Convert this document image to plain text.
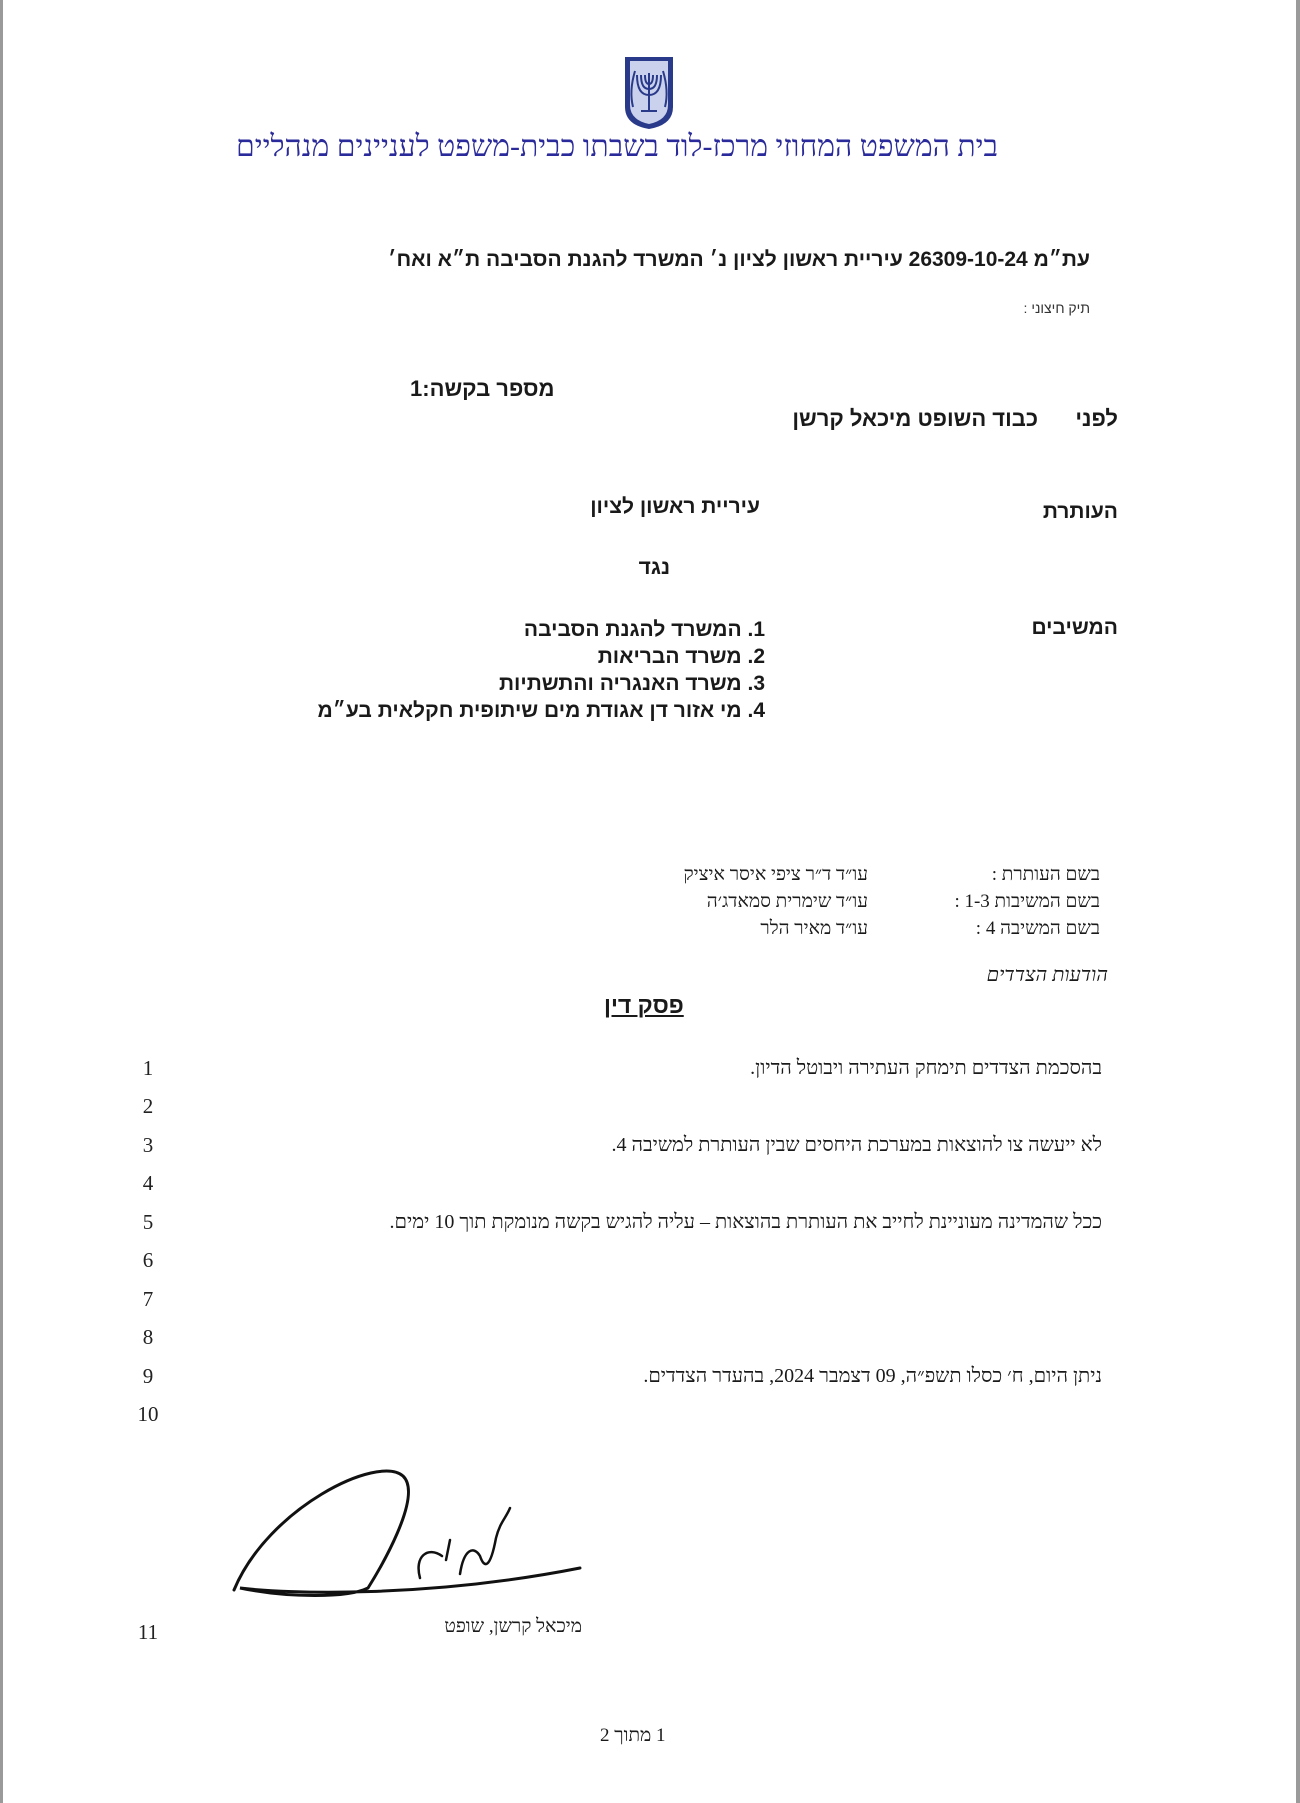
בית המשפט המחוזי מרכז-לוד בשבתו כבית-משפט לעניינים מנהליים
עת״מ 26309-10-24 עיריית ראשון לציון נ׳ המשרד להגנת הסביבה ת״א ואח׳
תיק חיצוני :
מספר בקשה:1
לפני
כבוד השופט מיכאל קרשן
העותרת
עיריית ראשון לציון
נגד
המשיבים
1. המשרד להגנת הסביבה
2. משרד הבריאות
3. משרד האנגריה והתשתיות
4. מי אזור דן אגודת מים שיתופית חקלאית בע״מ
בשם העותרת :
עו״ד ד״ר ציפי איסר איציק
בשם המשיבות 1-3 :
עו״ד שימרית סמאדג׳ה
בשם המשיבה 4 :
עו״ד מאיר הלר
הודעות הצדדים
פסק דין
1
2
3
4
5
6
7
8
9
10
11
בהסכמת הצדדים תימחק העתירה ויבוטל הדיון.
לא ייעשה צו להוצאות במערכת היחסים שבין העותרת למשיבה 4.
ככל שהמדינה מעוניינת לחייב את העותרת בהוצאות – עליה להגיש בקשה מנומקת תוך 10 ימים.
ניתן היום, ח׳ כסלו תשפ״ה, 09 דצמבר 2024, בהעדר הצדדים.
מיכאל קרשן, שופט
1 מתוך 2
